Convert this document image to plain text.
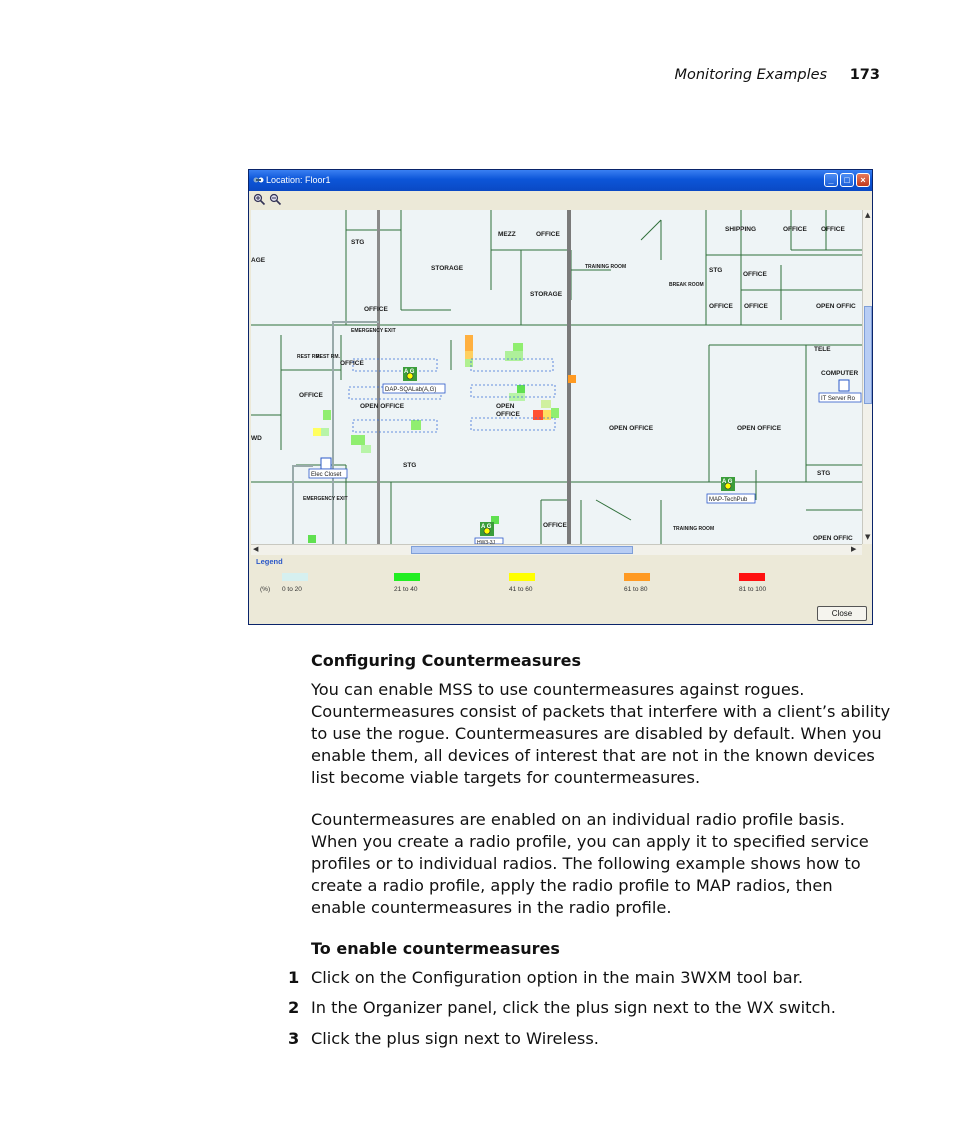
Monitoring Examples 173
Location: Floor1	_	□	×
A G
A G
A G
STG
AGE
STORAGE
MEZZ	OFFICE
STORAGE
OFFICE
TRAINING ROOM
SHIPPING	OFFICE OFFICE
STG
OFFICE
BREAK ROOM
OFFICE OFFICE	OPEN OFFIC
EMERGENCY EXIT
REST RM.
REST RM.
OFFICE
OFFICE
OPEN OFFICE	OPEN
OFFICE
OPEN OFFICE	OPEN OFFICE
TELE
COMPUTER
WD
STG
EMERGENCY EXIT
OFFICE	TRAINING ROOM
STG
OPEN OFFIC
DAP-SQALab(A,G)
MAP-TechPub
IT Server Ro
Elec Closet
HW3-3J
▲
▼
◀	▶
Legend
(%) 0 to 20	21 to 40	41 to 60	61 to 80	81 to 100
Close
Configuring Countermeasures
You can enable MSS to use countermeasures against rogues. Countermeasures consist of packets that interfere with a client’s ability to use the rogue. Countermeasures are disabled by default. When you enable them, all devices of interest that are not in the known devices list become viable targets for countermeasures.
Countermeasures are enabled on an individual radio profile basis. When you create a radio profile, you can apply it to specified service profiles or to individual radios. The following example shows how to create a radio profile, apply the radio profile to MAP radios, then enable countermeasures in the radio profile.
To enable countermeasures
1 Click on the Configuration option in the main 3WXM tool bar.
2 In the Organizer panel, click the plus sign next to the WX switch.
3 Click the plus sign next to Wireless.
